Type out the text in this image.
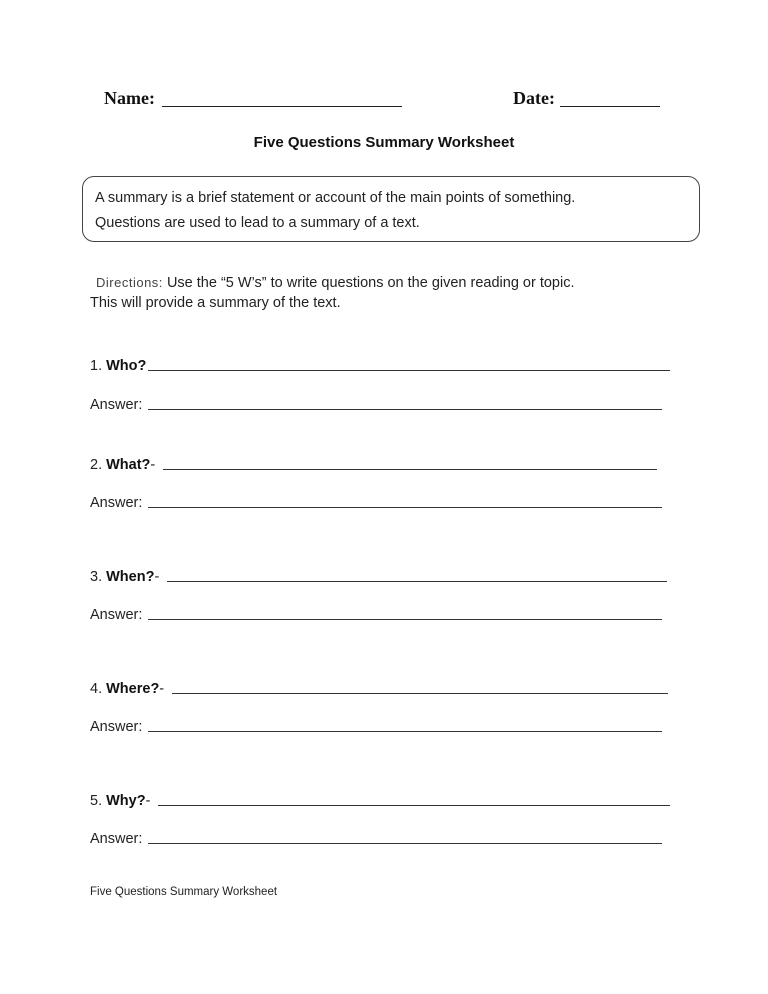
Name:	Date:
Five Questions Summary Worksheet
A summary is a brief statement or account of the main points of something.
Questions are used to lead to a summary of a text.
Directions: Use the “5 W’s” to write questions on the given reading or topic.
This will provide a summary of the text.
1.
Who?
Answer:
2.
What? -
Answer:
3.
When? -
Answer:
4.
Where? -
Answer:
5.
Why? -
Answer:
Five Questions Summary Worksheet
